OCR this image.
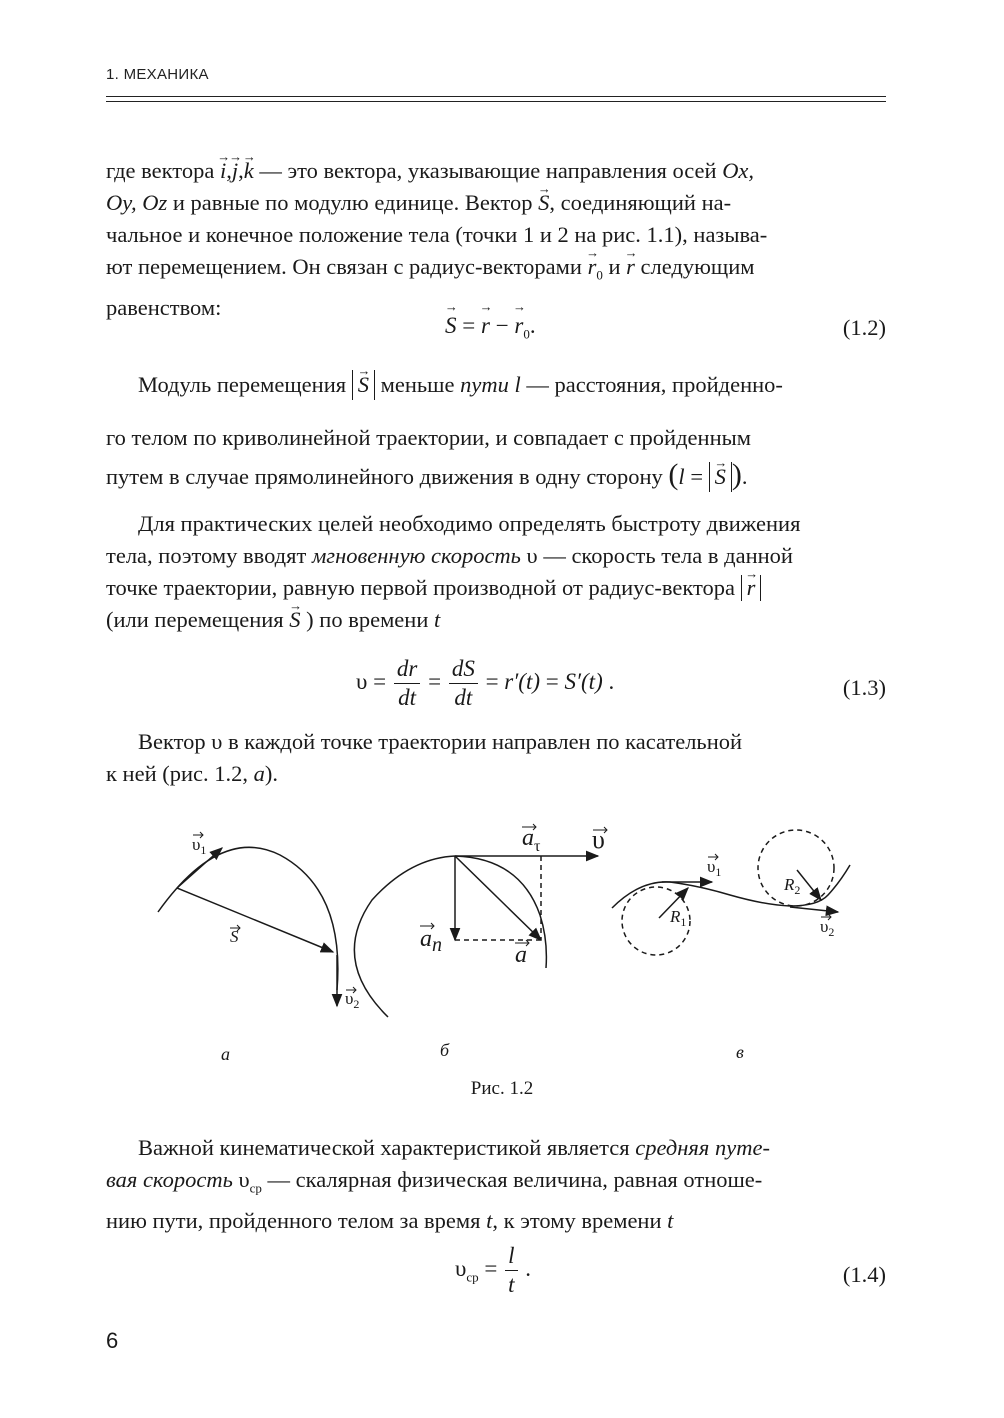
1. МЕХАНИКА
где вектора → i,→ j,→ k — это вектора, указывающие направления осей Ox,
Oy, Oz и равные по модулю единице. Вектор → S, соединяющий на-
чальное и конечное положение тела (точки 1 и 2 на рис. 1.1), называ-
ют перемещением. Он связан с радиус-векторами → $r_0$ и → r следующим
равенством:
→ S = → r − → $r_0$.	(1.2)
Модуль перемещения → S меньше пути l — расстояния, пройденно-
го телом по криволинейной траектории, и совпадает с пройденным
путем в случае прямолинейного движения в одну сторону (l = → S ).
Для практических целей необходимо определять быстроту движения
тела, поэтому вводят мгновенную скорость υ — скорость тела в данной
точке траектории, равную первой производной от радиус-вектора → r
(или перемещения → S ) по времени t
$\upsilon = \frac{dr}{dt} = \frac{dS}{dt} = r'(t) = S'(t)$ .	(1.3)
Вектор υ в каждой точке траектории направлен по касательной
к ней (рис. 1.2, a).
$\upsilon_1$
S
$\upsilon_2$
$a_\tau$ υ
$a_n$	a
$\upsilon_1$
$R_1$
$R_2$
$\upsilon_2$
а	б	в
Рис. 1.2
Важной кинематической характеристикой является средняя путе-
вая скорость $\upsilon_{ср}$ — скалярная физическая величина, равная отноше-
нию пути, пройденного телом за время t, к этому времени t
$\upsilon_{ср} = \frac{l}{t}$ .	(1.4)
6
